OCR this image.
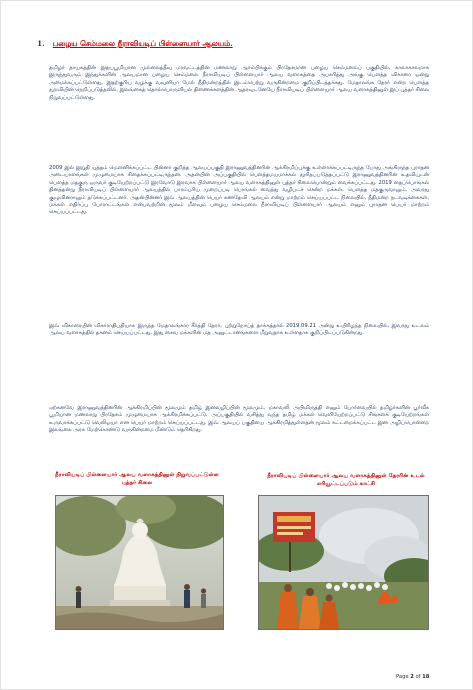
1. பழைய செம்மலை நீராவியடிப் பிள்ளையார் ஆலயம்.

தமிழர் தாயகத்தின் இதயபூமியான முல்லைத்தீவு மாவட்டத்தின் மணலாறு ஆரம்பிக்கும் பிரதேசமான பழைய செம்மலைப் பகுதியில், காலாகாலமாக இருந்துவரும் இந்துக்களின் ஆலயமான பழைய செம்மலை நீராவியடிப் பிள்ளையார் ஆலய வளாகத்தை அபகரித்து அங்கு பௌத்த விகாரை ஒன்று அமைக்கப்பட்டுள்ளது. இதற்குரிய வழக்கு வவுனியா மேல் நீதிமன்றத்தில் இடம்பெற்று வருகின்றமை குறிப்பிடத்தக்கது. மேதாலங்க தேரர் என்ற பௌத்த துறவியின் நெறிப்படுத்தலில், இலங்கைத் தொல்பொருளியல் திணைக்களத்தின் ஆதரவுடனேயே நீராவியடிப் பிள்ளையார் ஆலய வளாகத்தினுள் இப் புத்தர் சிலை நிறுவப்பட்டுள்ளது.

2009 இல் இறுதி யுத்தம் மௌனிக்கப்பட்ட பின்னர் குறித்த ஆலயப்பகுதி இராணுவத்தினரின் ஆக்கிரமிப்புக்கு உள்ளாக்கப்பட்டிருந்த போது அங்கிருந்த புராதன அடையாளங்கள் முழுமையாக சிதைக்கப்பட்டிருந்தன. அதன்பின் அப்பகுதியில் பௌத்தமயமாக்கல் தூரிதப்படுத்தப்பட்டு இராணுவத்தினரின் உதவியுடன் பௌத்த மதகுரு ஒருவர் குடியேற்றப்பட்டு இரவோடு இரவாக பிள்ளையார் ஆலய வளாகத்தினுள் புத்தர் சிலையொன்றும் வைக்கப்பட்டது. 2019 தைப்பொங்கல் தினத்தன்று நீராவியடிப் பிள்ளையார் ஆலயத்தில் பாரம்பரிய முறைப்படி பொங்கல் வைத்து வழிபடச் சென்ற மக்கள், பௌத்த மதகுருவாலும், அவரது குழுவினராலும் தடுக்கப்பட்டனர். அதன்பின்னர் இவ் ஆலயத்தின் பெயர் கணதேவி ஆலயம் என்று மாற்றம் செய்யப்பட்ட நிலையில், நீதிமன்ற நடவடிக்கைகள், மக்கள் எதிர்ப்பு போராட்டங்கள் என்பவற்றின் மூலம் மீளவும் பழைய செம்மலை நீராவியடிப் பிள்ளையார் ஆலயம் எனும் புராதன பெயர் மாற்றம் செய்யப்பட்டது.

இவ் விகாரையின் விகாராதிபதியாக இருந்த மேதாலங்கார கீர்த்தி தேரர், புற்றுநோய்த் தாக்கத்தால் 2019.09.21 அன்று உயிரிழந்த நிலையில், இவரது உடலம் ஆலய வளாகத்தில் தகனம் செய்யப்பட்டது. இது சைவ மக்களின் மத அனுட்டானங்களை மீறுவதாக உள்ளதாக குறிப்பிடப்படுகின்றது.

ஏற்கனவே இராணுவத்தினரின் ஆக்கிரமிப்பின் மூலமும் தமிழ் இனவழிப்பின் மூலமும், மகாவலி அபிவிருத்தி எனும் போர்வையில் தமிழர்களின் பூர்வீக பூமியான மணலாறு பிரதேசம் முழுமையாக ஆக்கிரமிக்கப்பட்டு, அப்பகுதியில் வசித்து வந்த தமிழ் மக்கள் வெளியேற்றப்பட்டு சிங்களக் குடியேற்றங்கள் உருவாக்கப்பட்டு வெலிஓயா என பெயர் மாற்றம் செய்யப்பட்டது. இவ் ஆலயப் பகுதியை ஆக்கிரமித்துள்ளதன் மூலம் கட்டமைக்கப்பட்ட இன அழிப்பொன்றை இலங்கை அரசு மேற்கொண்டு வருகின்றமை மீண்டும் தெரிகிறது.

நீராவியடிப் பிள்ளையார் ஆலய வளாகத்தினுள் நிறுவப்பட்டுள்ள புத்தர் சிலை
நீராவியடிப் பிள்ளையார் ஆலய வளாகத்தினுள் தேரரின் உடல் எரியூட்டப்படும் காட்சி
Page 2 of 18
